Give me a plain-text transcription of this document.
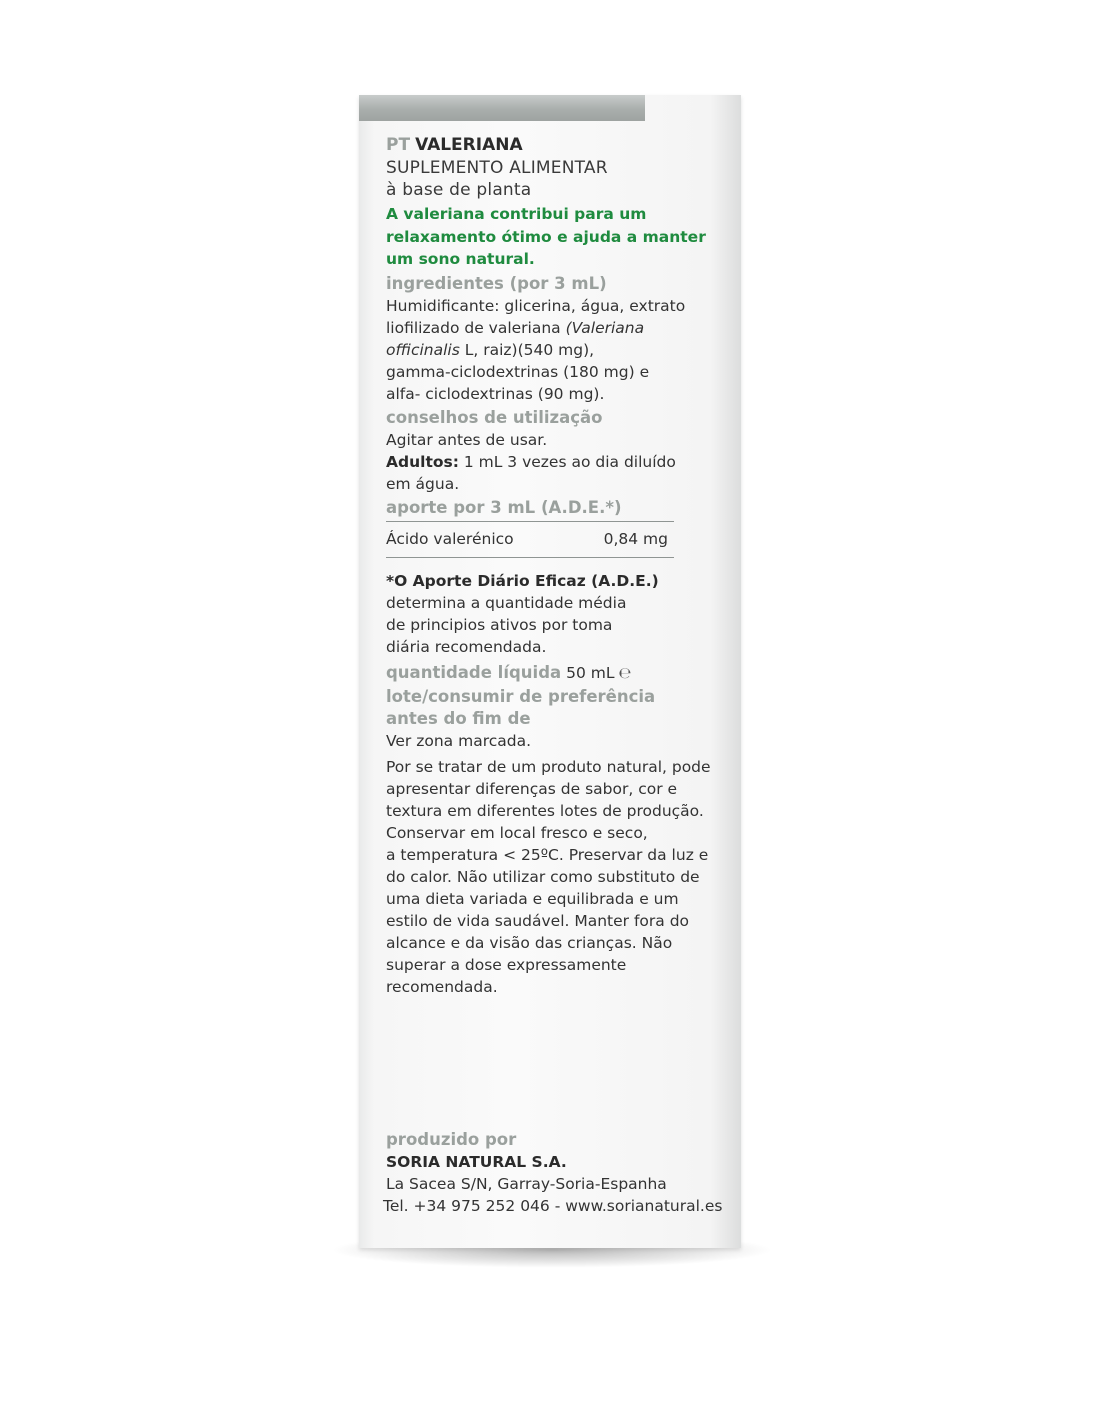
PT VALERIANA
SUPLEMENTO ALIMENTAR
à base de planta
A valeriana contribui para um
relaxamento ótimo e ajuda a manter
um sono natural.
ingredientes (por 3 mL)
Humidificante: glicerina, água, extrato
liofilizado de valeriana (Valeriana
officinalis L, raiz)(540 mg),
gamma-ciclodextrinas (180 mg) e
alfa- ciclodextrinas (90 mg).
conselhos de utilização
Agitar antes de usar.
Adultos: 1 mL 3 vezes ao dia diluído
em água.
aporte por 3 mL (A.D.E.*)
Ácido valerénico	0,84 mg
*O Aporte Diário Eficaz (A.D.E.)
determina a quantidade média
de principios ativos por toma
diária recomendada.
quantidade líquida 50 mL ℮
lote/consumir de preferência
antes do fim de
Ver zona marcada.
Por se tratar de um produto natural, pode
apresentar diferenças de sabor, cor e
textura em diferentes lotes de produção.
Conservar em local fresco e seco,
a temperatura < 25ºC. Preservar da luz e
do calor. Não utilizar como substituto de
uma dieta variada e equilibrada e um
estilo de vida saudável. Manter fora do
alcance e da visão das crianças. Não
superar a dose expressamente
recomendada.
produzido por
SORIA NATURAL S.A.
La Sacea S/N, Garray-Soria-Espanha
Tel. +34 975 252 046 - www.sorianatural.es
